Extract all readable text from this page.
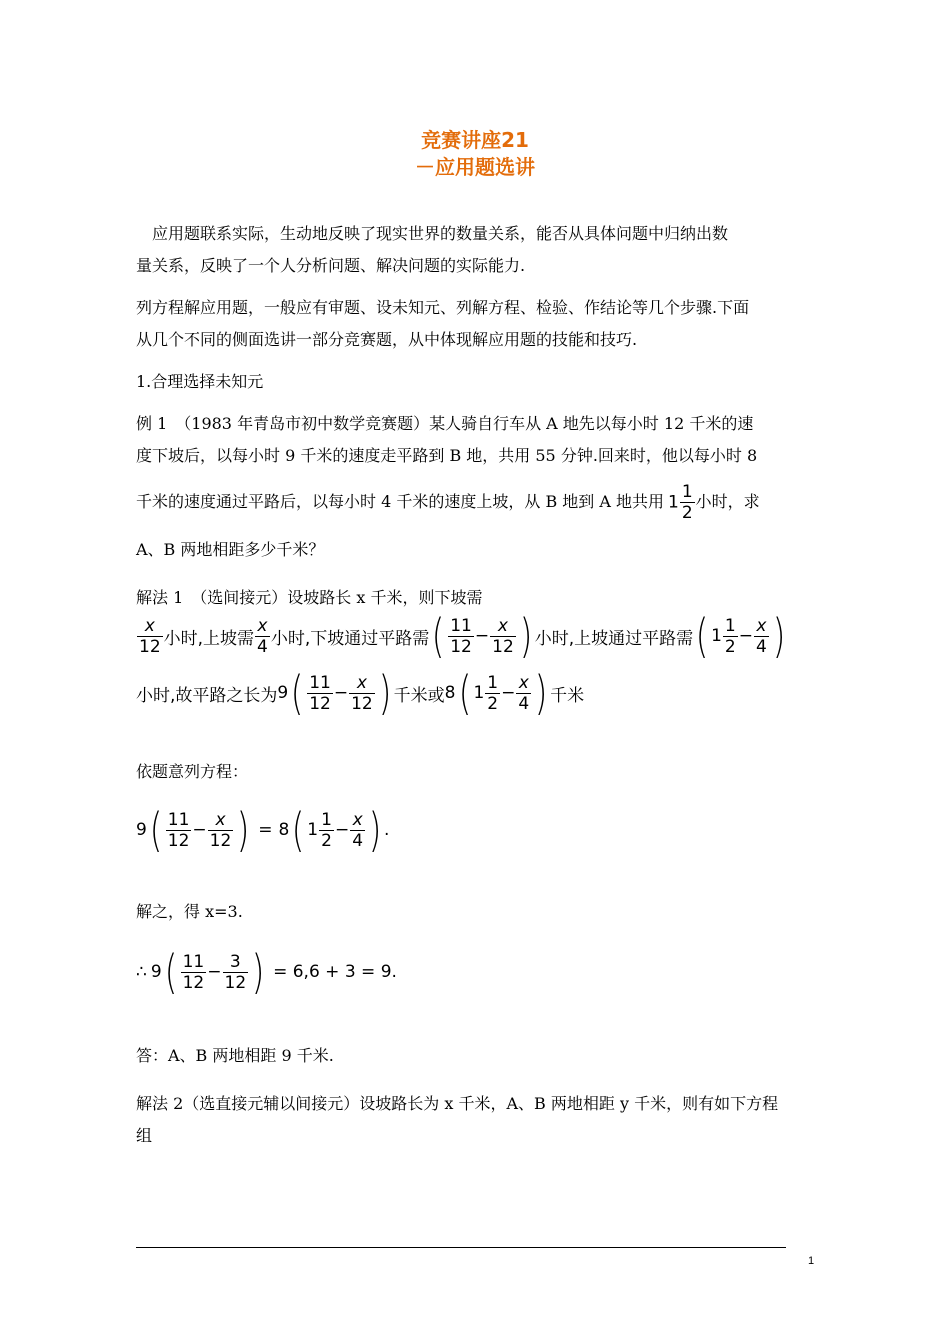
竞赛讲座21
－应用题选讲
　应用题联系实际，生动地反映了现实世界的数量关系，能否从具体问题中归纳出数
量关系，反映了一个人分析问题、解决问题的实际能力.
列方程解应用题，一般应有审题、设未知元、列解方程、检验、作结论等几个步骤.下面
从几个不同的侧面选讲一部分竞赛题，从中体现解应用题的技能和技巧.
1.合理选择未知元
例 1　（1983 年青岛市初中数学竞赛题）某人骑自行车从 A 地先以每小时 12 千米的速
度下坡后，以每小时 9 千米的速度走平路到 B 地，共用 55 分钟.回来时，他以每小时 8
千米的速度通过平路后，以每小时 4 千米的速度上坡，从 B 地到 A 地共用 $1 \frac{1}{2}$ 小时，求
A、B 两地相距多少千米？
解法 1　（选间接元）设坡路长 x 千米，则下坡需
$\frac{x}{12}$ 小时, 上坡需 $\frac{x}{4}$ 小时,下坡通过平路需 ( $\frac{11}{12} - \frac{x}{12}$ ) 小时,上坡通过平路需 ( $1 \frac{1}{2} - \frac{x}{4}$ )
小时,故平路之长为 9 ( $\frac{11}{12} - \frac{x}{12}$ ) 千米或 8 ( $1 \frac{1}{2} - \frac{x}{4}$ ) 千米
依题意列方程：
9 ( $\frac{11}{12} - \frac{x}{12}$ ) = 8 ( $1 \frac{1}{2} - \frac{x}{4}$ ) .
解之，得 x=3.
∴ 9 ( $\frac{11}{12} - \frac{3}{12}$ ) = 6,6 + 3 = 9.
答：A、B 两地相距 9 千米.
解法 2（选直接元辅以间接元）设坡路长为 x 千米，A、B 两地相距 y 千米，则有如下方程
组
1
